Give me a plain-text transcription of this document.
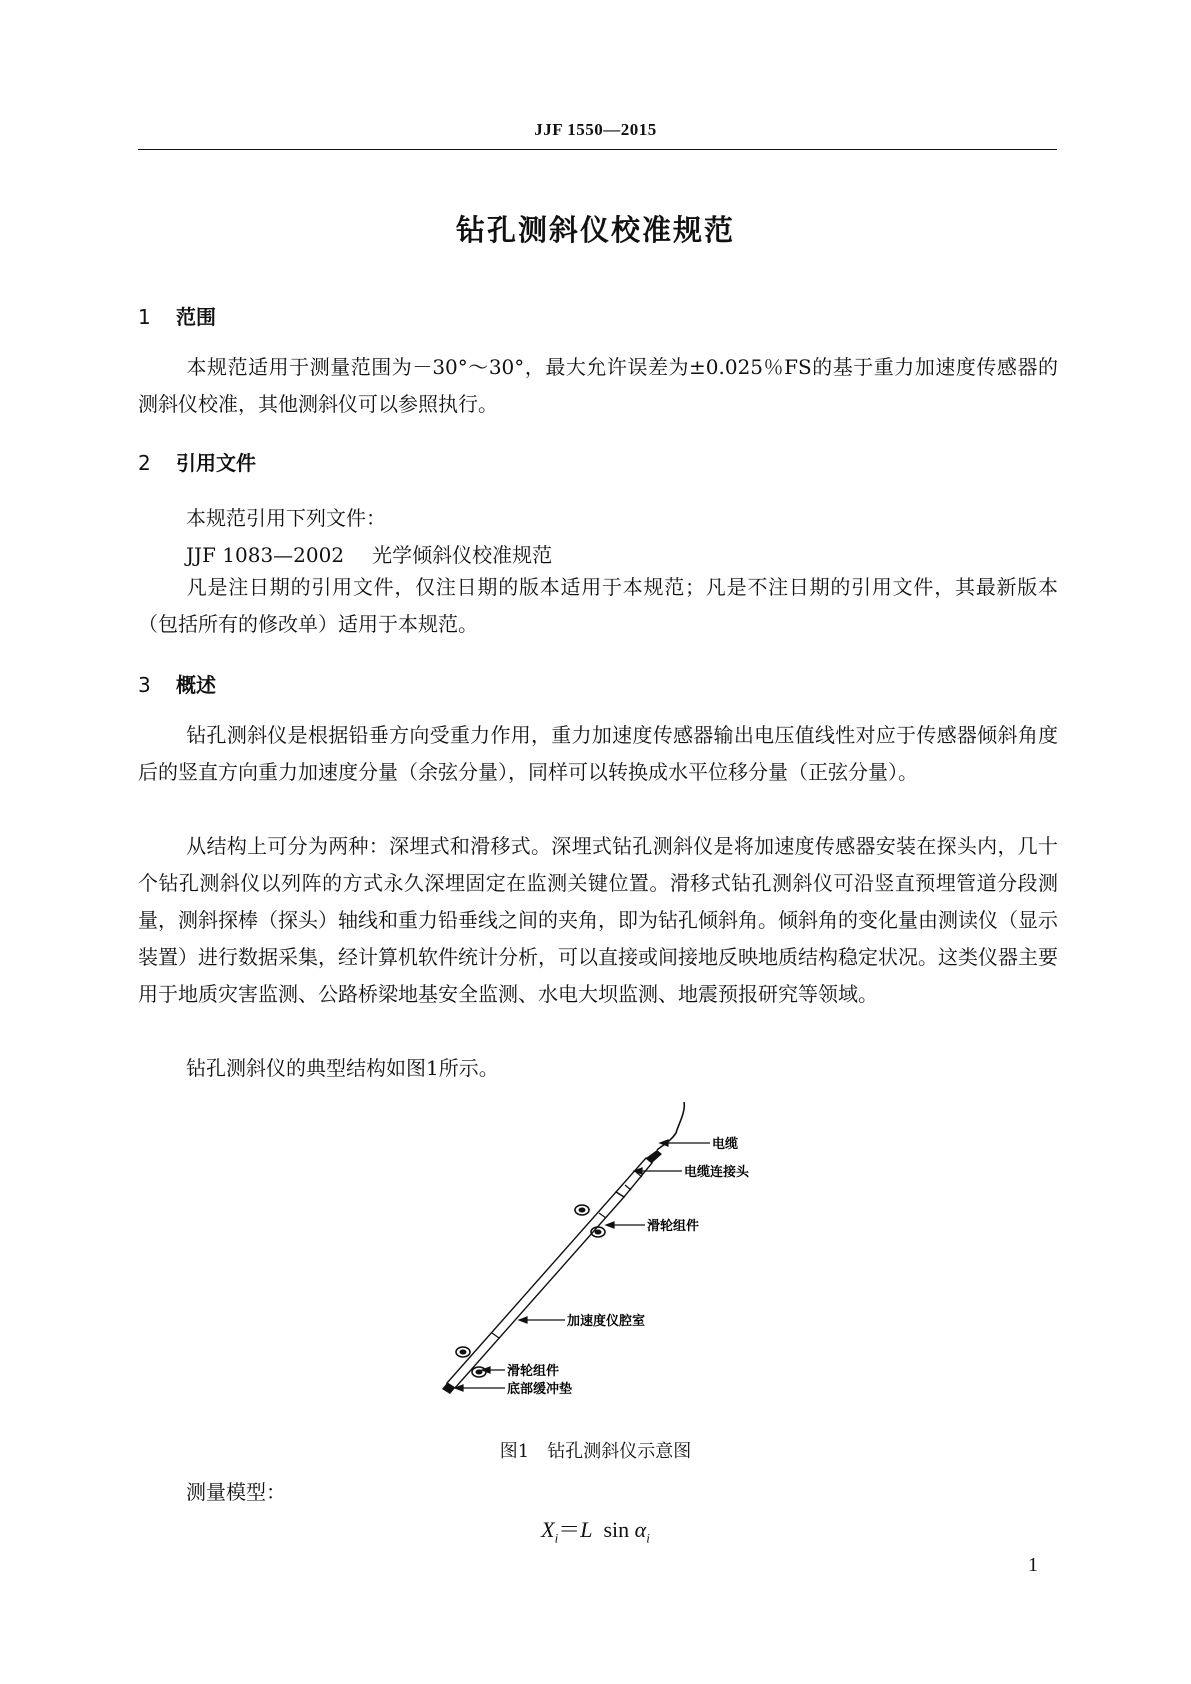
JJF 1550—2015
钻孔测斜仪校准规范
1 范围
本规范适用于测量范围为－30°～30°，最大允许误差为±0.025％FS的基于重力加速度传感器的测斜仪校准，其他测斜仪可以参照执行。
2 引用文件
本规范引用下列文件：
JJF 1083—2002 光学倾斜仪校准规范
凡是注日期的引用文件，仅注日期的版本适用于本规范；凡是不注日期的引用文件，其最新版本（包括所有的修改单）适用于本规范。
3 概述
钻孔测斜仪是根据铅垂方向受重力作用，重力加速度传感器输出电压值线性对应于传感器倾斜角度后的竖直方向重力加速度分量（余弦分量），同样可以转换成水平位移分量（正弦分量）。
从结构上可分为两种：深埋式和滑移式。深埋式钻孔测斜仪是将加速度传感器安装在探头内，几十个钻孔测斜仪以列阵的方式永久深埋固定在监测关键位置。滑移式钻孔测斜仪可沿竖直预埋管道分段测量，测斜探棒（探头）轴线和重力铅垂线之间的夹角，即为钻孔倾斜角。倾斜角的变化量由测读仪（显示装置）进行数据采集，经计算机软件统计分析，可以直接或间接地反映地质结构稳定状况。这类仪器主要用于地质灾害监测、公路桥梁地基安全监测、水电大坝监测、地震预报研究等领域。
钻孔测斜仪的典型结构如图1所示。
电缆
电缆连接头
滑轮组件
加速度仪腔室
滑轮组件
底部缓冲垫
图1　钻孔测斜仪示意图
测量模型：
$X_i=L$ $\sin \alpha_i$
1
